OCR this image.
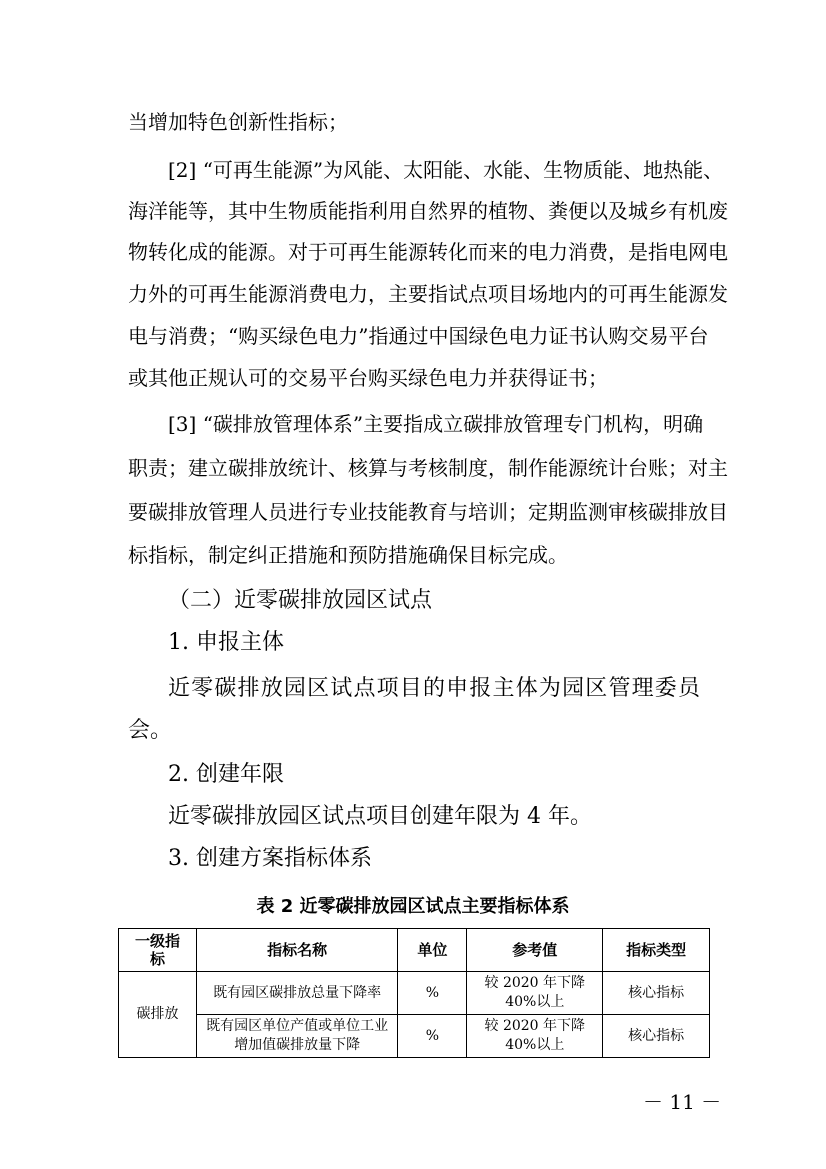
当增加特色创新性指标；
[2] “可再生能源”为风能、太阳能、水能、生物质能、地热能、
海洋能等，其中生物质能指利用自然界的植物、粪便以及城乡有机废
物转化成的能源。对于可再生能源转化而来的电力消费，是指电网电
力外的可再生能源消费电力，主要指试点项目场地内的可再生能源发
电与消费；“购买绿色电力”指通过中国绿色电力证书认购交易平台
或其他正规认可的交易平台购买绿色电力并获得证书；
[3] “碳排放管理体系”主要指成立碳排放管理专门机构，明确
职责；建立碳排放统计、核算与考核制度，制作能源统计台账；对主
要碳排放管理人员进行专业技能教育与培训；定期监测审核碳排放目
标指标，制定纠正措施和预防措施确保目标完成。
（二）近零碳排放园区试点
1. 申报主体
近零碳排放园区试点项目的申报主体为园区管理委员
会。
2. 创建年限
近零碳排放园区试点项目创建年限为 4 年。
3. 创建方案指标体系
表 2 近零碳排放园区试点主要指标体系
一级指标	指标名称	单位	参考值	指标类型
碳排放	既有园区碳排放总量下降率	%	较 2020 年下降40%以上	核心指标
	既有园区单位产值或单位工业增加值碳排放量下降	%	较 2020 年下降40%以上	核心指标
－ 11 －
